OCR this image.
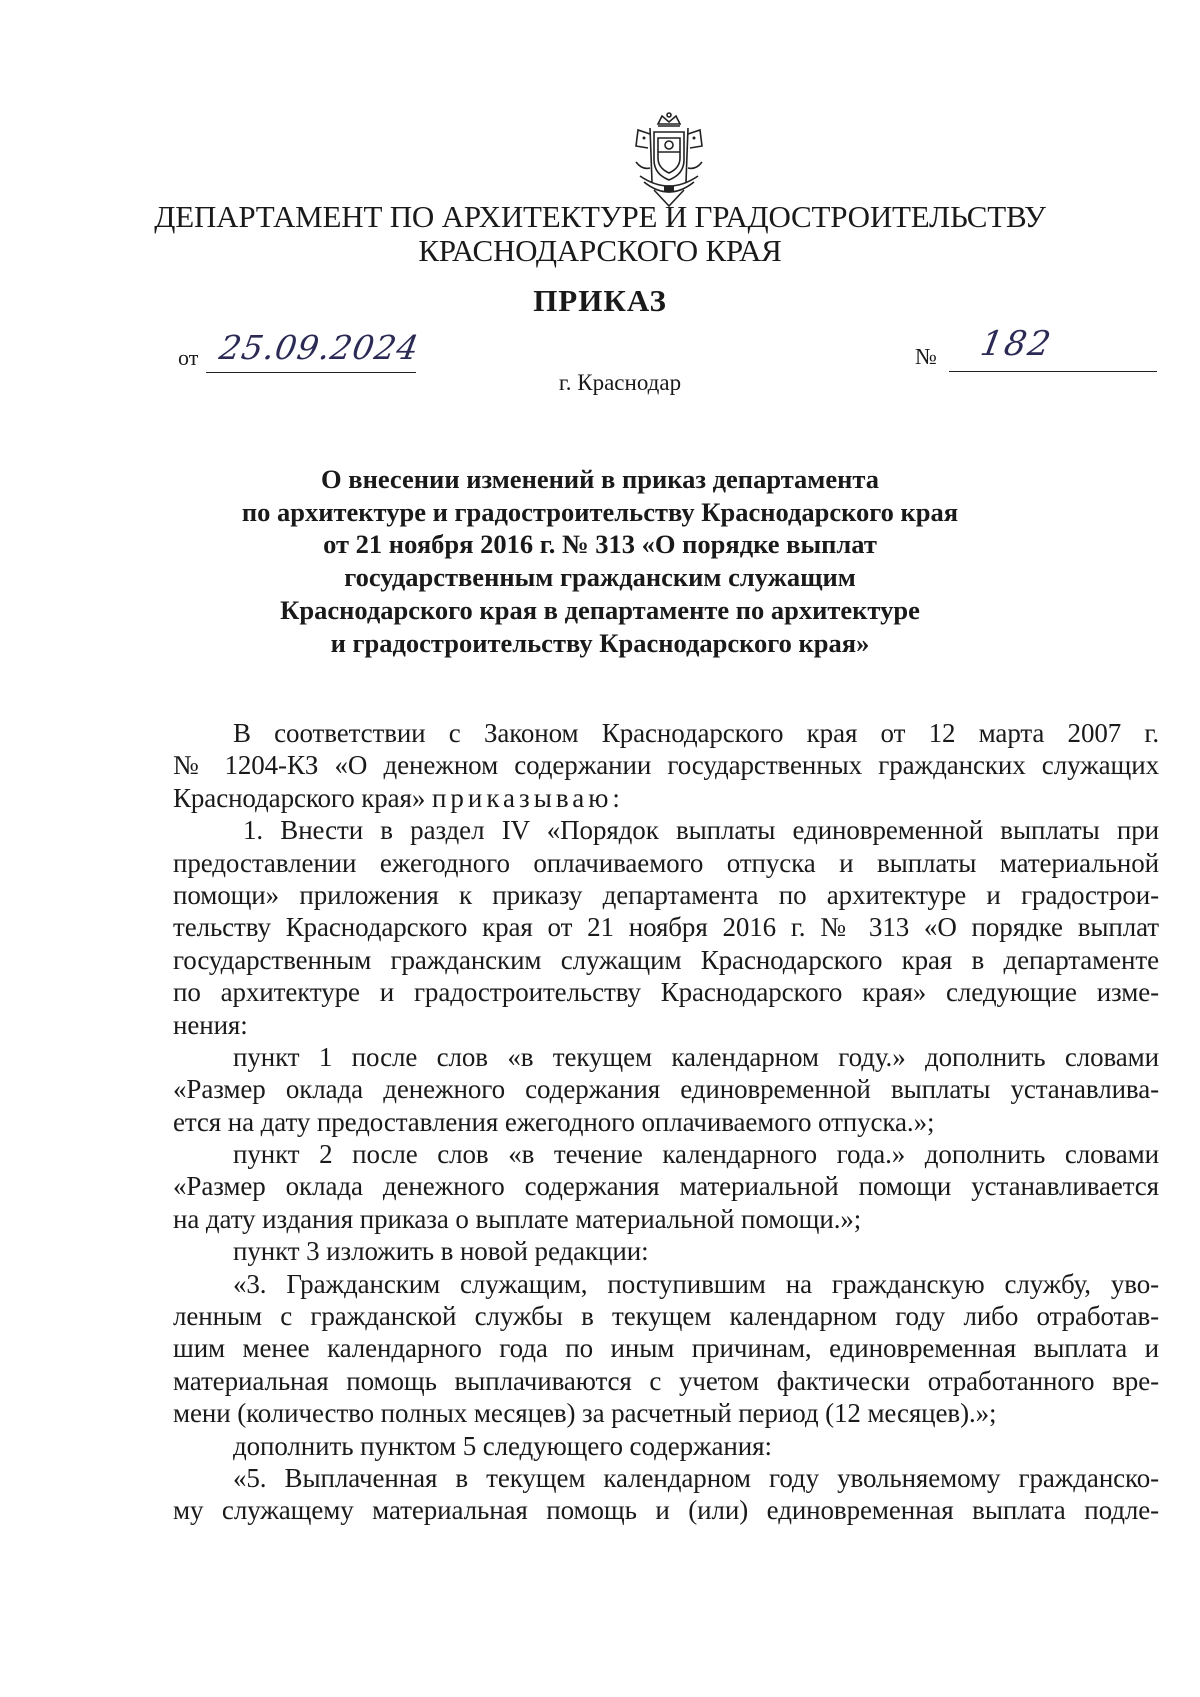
ДЕПАРТАМЕНТ ПО АРХИТЕКТУРЕ И ГРАДОСТРОИТЕЛЬСТВУ
КРАСНОДАРСКОГО КРАЯ
ПРИКАЗ
от 25.09.2024	№ 182
г. Краснодар
О внесении изменений в приказ департамента
по архитектуре и градостроительству Краснодарского края
от 21 ноября 2016 г. № 313 «О порядке выплат
государственным гражданским служащим
Краснодарского края в департаменте по архитектуре
и градостроительству Краснодарского края»
В соответствии с Законом Краснодарского края от 12 марта 2007 г.
№ 1204-КЗ «О денежном содержании государственных гражданских служащих
Краснодарского края» приказываю:
1. Внести в раздел IV «Порядок выплаты единовременной выплаты при
предоставлении ежегодного оплачиваемого отпуска и выплаты материальной
помощи» приложения к приказу департамента по архитектуре и градострои-
тельству Краснодарского края от 21 ноября 2016 г. № 313 «О порядке выплат
государственным гражданским служащим Краснодарского края в департаменте
по архитектуре и градостроительству Краснодарского края» следующие изме-
нения:
пункт 1 после слов «в текущем календарном году.» дополнить словами
«Размер оклада денежного содержания единовременной выплаты устанавлива-
ется на дату предоставления ежегодного оплачиваемого отпуска.»;
пункт 2 после слов «в течение календарного года.» дополнить словами
«Размер оклада денежного содержания материальной помощи устанавливается
на дату издания приказа о выплате материальной помощи.»;
пункт 3 изложить в новой редакции:
«3. Гражданским служащим, поступившим на гражданскую службу, уво-
ленным с гражданской службы в текущем календарном году либо отработав-
шим менее календарного года по иным причинам, единовременная выплата и
материальная помощь выплачиваются с учетом фактически отработанного вре-
мени (количество полных месяцев) за расчетный период (12 месяцев).»;
дополнить пунктом 5 следующего содержания:
«5. Выплаченная в текущем календарном году увольняемому гражданско-
му служащему материальная помощь и (или) единовременная выплата подле-
